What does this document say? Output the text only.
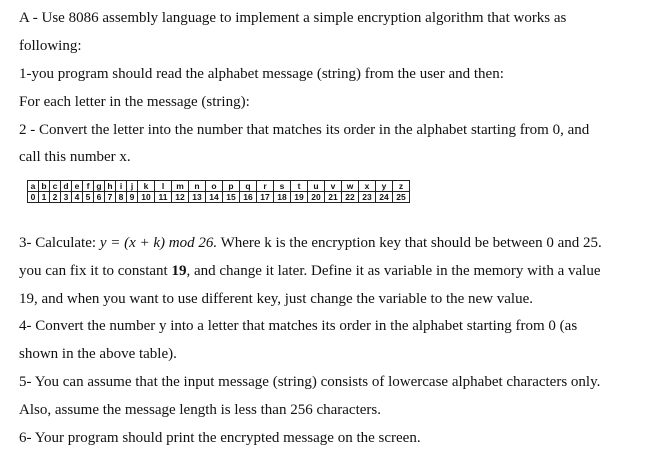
A - Use 8086 assembly language to implement a simple encryption algorithm that works as
following:
1-you program should read the alphabet message (string) from the user and then:
For each letter in the message (string):
2 - Convert the letter into the number that matches its order in the alphabet starting from 0, and
call this number x.
a	b	c	d	e	f	g	h	i	j	k	l	m	n	o	p	q	r	s	t	u	v	w	x	y	z
0	1	2	3	4	5	6	7	8	9	10	11	12	13	14	15	16	17	18	19	20	21	22	23	24	25
3- Calculate: y = (x + k) mod 26. Where k is the encryption key that should be between 0 and 25.
you can fix it to constant 19, and change it later. Define it as variable in the memory with a value
19, and when you want to use different key, just change the variable to the new value.
4- Convert the number y into a letter that matches its order in the alphabet starting from 0 (as
shown in the above table).
5- You can assume that the input message (string) consists of lowercase alphabet characters only.
Also, assume the message length is less than 256 characters.
6- Your program should print the encrypted message on the screen.
